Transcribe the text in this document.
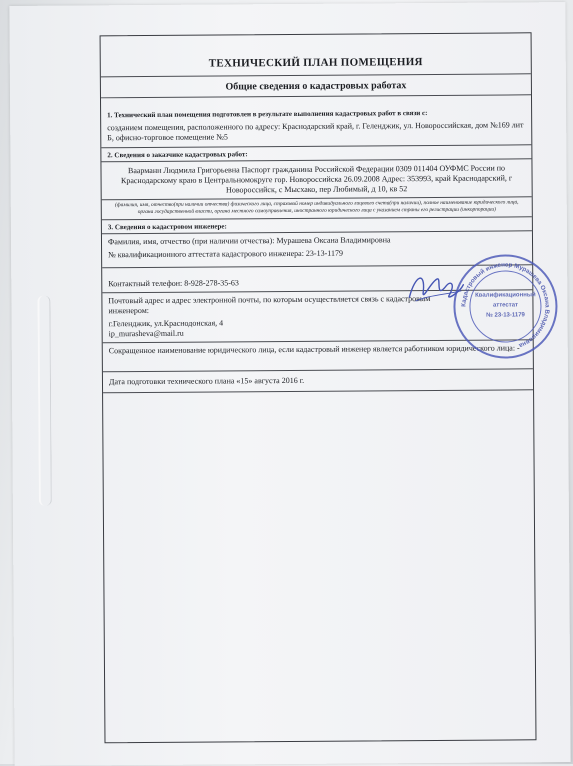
ТЕХНИЧЕСКИЙ ПЛАН ПОМЕЩЕНИЯ
Общие сведения о кадастровых работах
1. Технический план помещения подготовлен в результате выполнения кадастровых работ в связи с:
созданием помещения, расположенного по адресу: Краснодарский край, г. Геленджик, ул. Новороссийская, дом №169 лит Б, офисно-торговое помещение №5
2. Сведения о заказчике кадастровых работ:
Ваарманн Людмила Григорьевна Паспорт гражданина Российской Федерации 0309 011404 ОУФМС России по Краснодарскому краю в Центральномокруге гор. Новороссийска 26.09.2008 Адрес: 353993, край Краснодарский, г Новороссийск, с Мысхако, пер Любимый, д 10, кв 52
(фамилия, имя, отчество(при наличии отчества) физического лица, страховой номер индивидуального лицевого счета(при наличии), полное наименование юридического лица, органа государственной власти, органа местного самоуправления, иностранного юридического лица с указанием страны его регистрации (инкорпорации)
3. Сведения о кадастровом инженере:
Фамилия, имя, отчество (при наличии отчества): Мурашева Оксана Владимировна
№ квалификационного аттестата кадастрового инженера: 23-13-1179
Контактный телефон: 8-928-278-35-63
Почтовый адрес и адрес электронной почты, по которым осуществляется связь с кадастровым инженером:
г.Геленджик, ул.Краснодонская, 4
ip_murasheva@mail.ru
Сокращенное наименование юридического лица, если кадастровый инженер является работником юридического лица: -
Дата подготовки технического плана «15» августа 2016 г.
Кадастровый инженер Мурашева Оксана Владимировна
Квалификационный
аттестат
№ 23-13-1179
